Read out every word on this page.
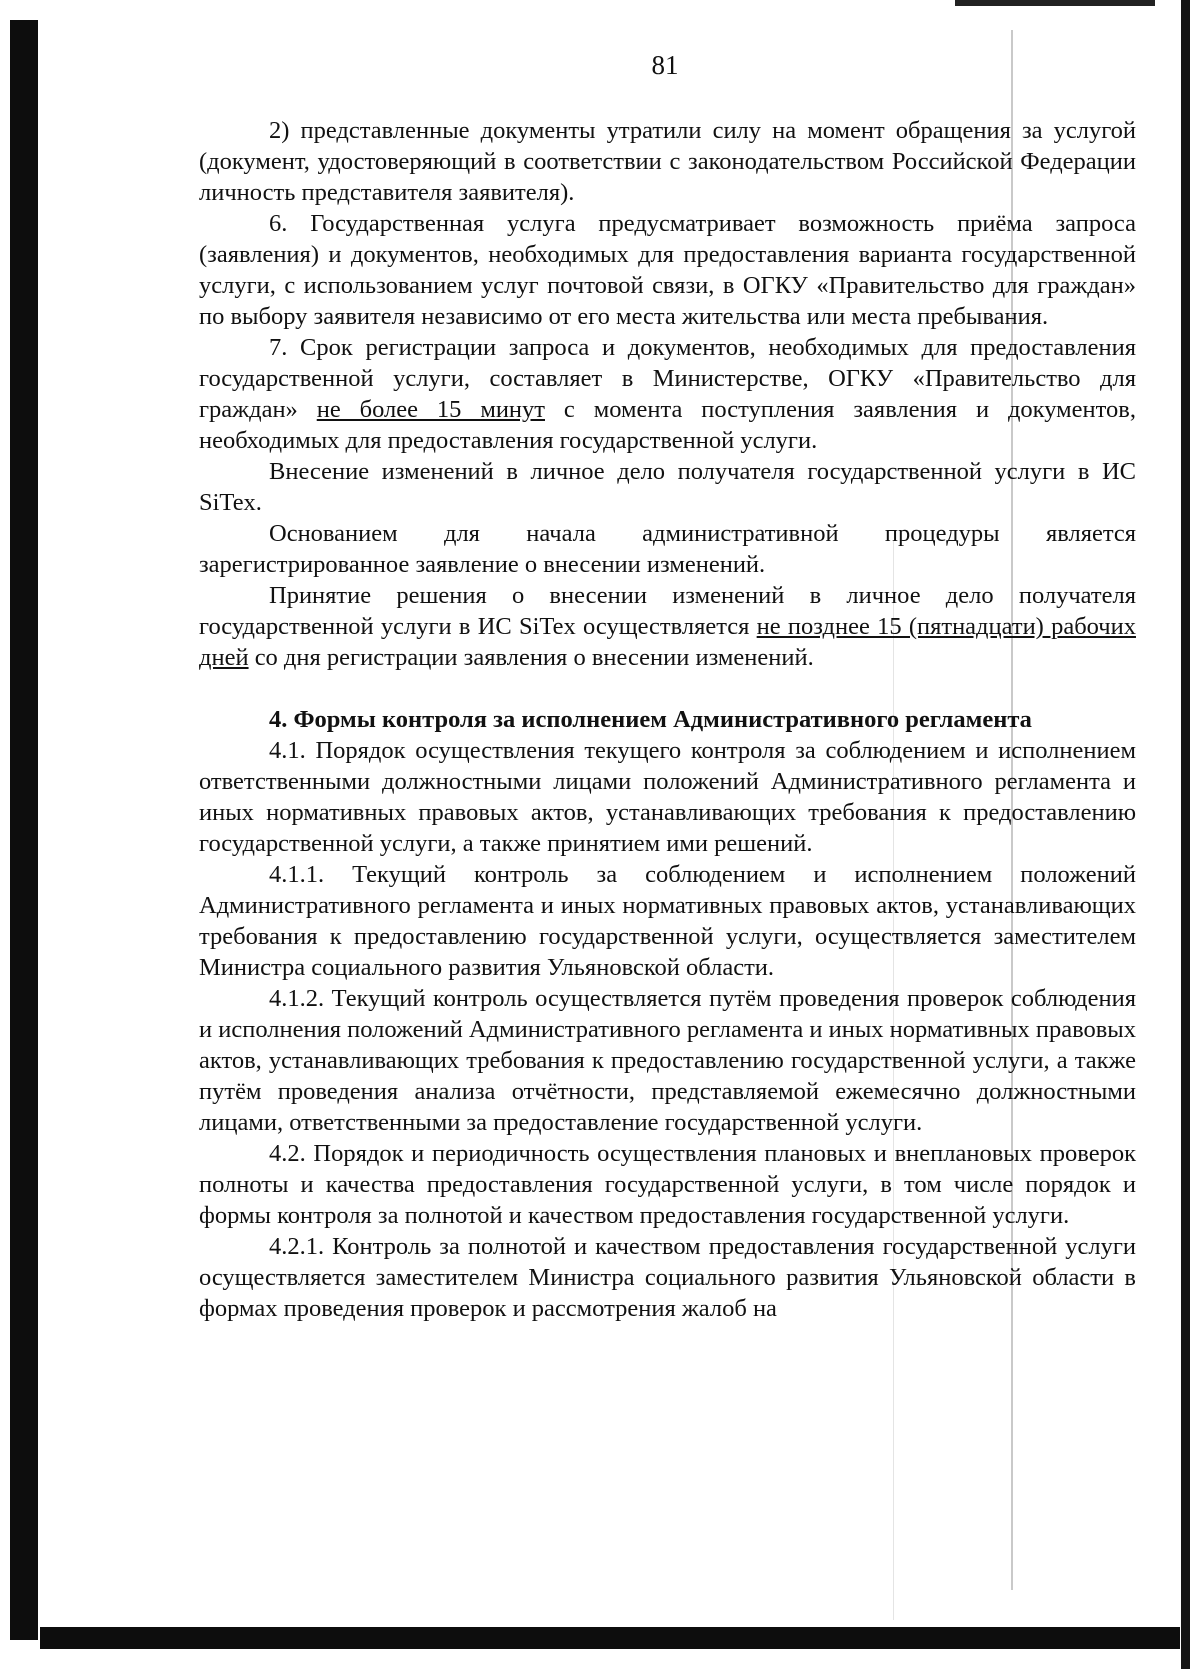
81

2) представленные документы утратили силу на момент обращения за услугой (документ, удостоверяющий в соответствии с законодательством Российской Федерации личность представителя заявителя).

6. Государственная услуга предусматривает возможность приёма запроса (заявления) и документов, необходимых для предоставления варианта государственной услуги, с использованием услуг почтовой связи, в ОГКУ «Правительство для граждан» по выбору заявителя независимо от его места жительства или места пребывания.

7. Срок регистрации запроса и документов, необходимых для предоставления государственной услуги, составляет в Министерстве, ОГКУ «Правительство для граждан» не более 15 минут с момента поступления заявления и документов, необходимых для предоставления государственной услуги.

Внесение изменений в личное дело получателя государственной услуги в ИС SiTex.

Основанием для начала административной процедуры является зарегистрированное заявление о внесении изменений.

Принятие решения о внесении изменений в личное дело получателя государственной услуги в ИС SiTex осуществляется не позднее 15 (пятнадцати) рабочих дней со дня регистрации заявления о внесении изменений.

4. Формы контроля за исполнением Административного регламента

4.1. Порядок осуществления текущего контроля за соблюдением и исполнением ответственными должностными лицами положений Административного регламента и иных нормативных правовых актов, устанавливающих требования к предоставлению государственной услуги, а также принятием ими решений.

4.1.1. Текущий контроль за соблюдением и исполнением положений Административного регламента и иных нормативных правовых актов, устанавливающих требования к предоставлению государственной услуги, осуществляется заместителем Министра социального развития Ульяновской области.

4.1.2. Текущий контроль осуществляется путём проведения проверок соблюдения и исполнения положений Административного регламента и иных нормативных правовых актов, устанавливающих требования к предоставлению государственной услуги, а также путём проведения анализа отчётности, представляемой ежемесячно должностными лицами, ответственными за предоставление государственной услуги.

4.2. Порядок и периодичность осуществления плановых и внеплановых проверок полноты и качества предоставления государственной услуги, в том числе порядок и формы контроля за полнотой и качеством предоставления государственной услуги.

4.2.1. Контроль за полнотой и качеством предоставления государственной услуги осуществляется заместителем Министра социального развития Ульяновской области в формах проведения проверок и рассмотрения жалоб на
